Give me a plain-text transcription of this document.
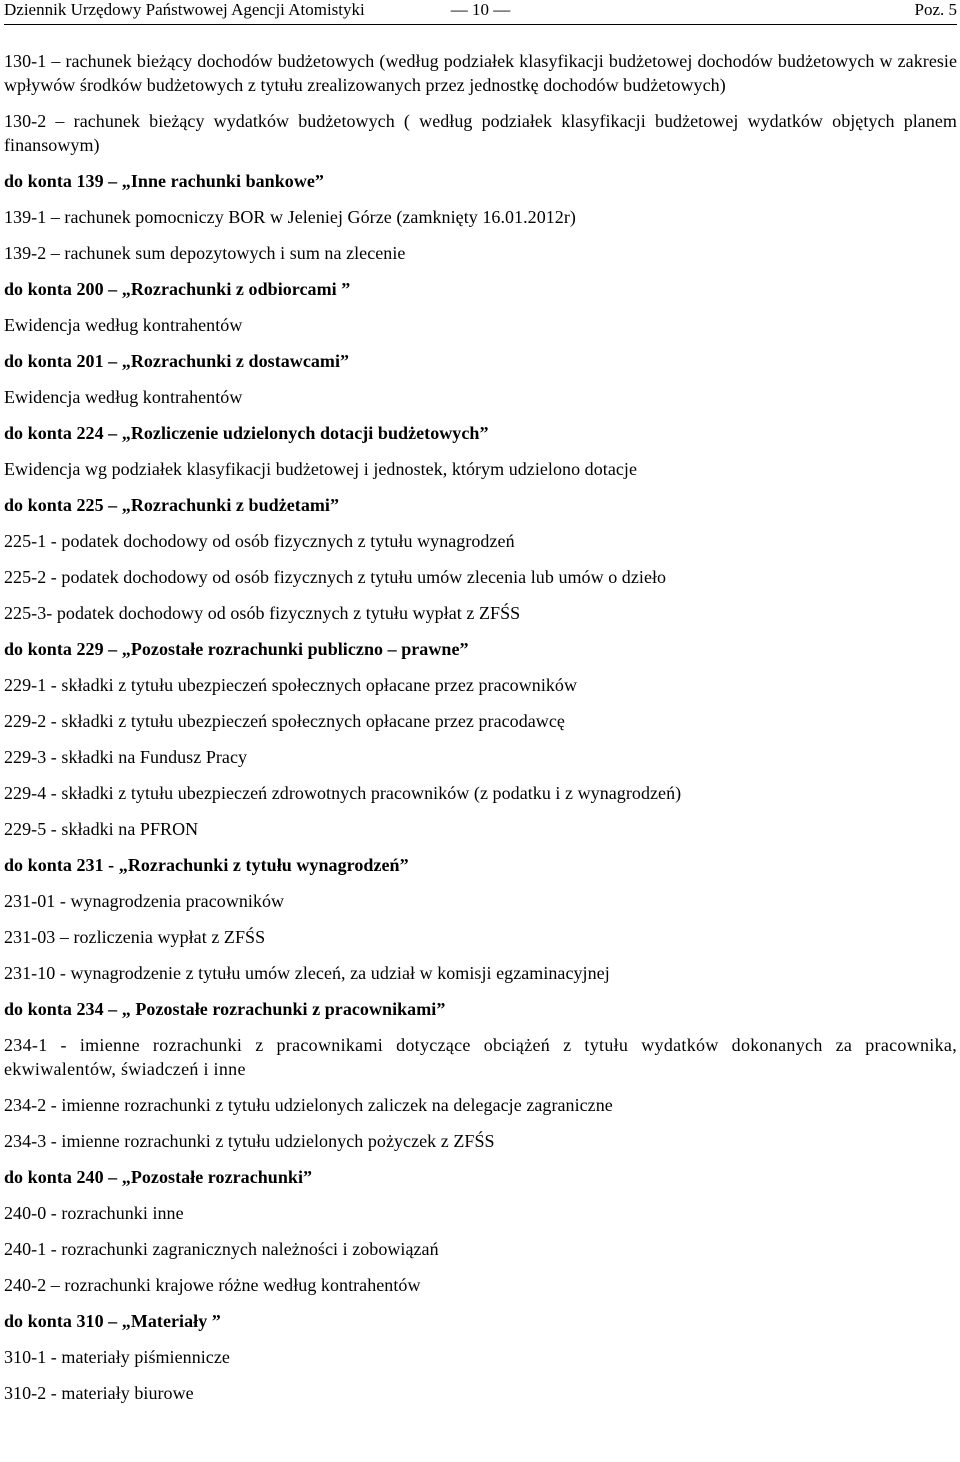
Dziennik Urzędowy Państwowej Agencji Atomistyki	— 10 —	Poz. 5

130-1 – rachunek bieżący dochodów budżetowych (według podziałek klasyfikacji budżetowej dochodów budżetowych w zakresie wpływów środków budżetowych z tytułu zrealizowanych przez jednostkę dochodów budżetowych)

130-2 – rachunek bieżący wydatków budżetowych ( według podziałek klasyfikacji budżetowej wydatków objętych planem finansowym)

do konta 139 – „Inne rachunki bankowe”

139-1 – rachunek pomocniczy BOR w Jeleniej Górze (zamknięty 16.01.2012r)

139-2 – rachunek sum depozytowych i sum na zlecenie

do konta 200 – „Rozrachunki z odbiorcami ”

Ewidencja według kontrahentów

do konta 201 – „Rozrachunki z dostawcami”

Ewidencja według kontrahentów

do konta 224 – „Rozliczenie udzielonych dotacji budżetowych”

Ewidencja wg podziałek klasyfikacji budżetowej i jednostek, którym udzielono dotacje

do konta 225 – „Rozrachunki z budżetami”

225-1 - podatek dochodowy od osób fizycznych z tytułu wynagrodzeń

225-2 - podatek dochodowy od osób fizycznych z tytułu umów zlecenia lub umów o dzieło

225-3- podatek dochodowy od osób fizycznych z tytułu wypłat z ZFŚS

do konta 229 – „Pozostałe rozrachunki publiczno – prawne”

229-1 - składki z tytułu ubezpieczeń społecznych opłacane przez pracowników

229-2 - składki z tytułu ubezpieczeń społecznych opłacane przez pracodawcę

229-3 - składki na Fundusz Pracy

229-4 - składki z tytułu ubezpieczeń zdrowotnych pracowników (z podatku i z wynagrodzeń)

229-5 - składki na PFRON

do konta 231 - „Rozrachunki z tytułu wynagrodzeń”

231-01 - wynagrodzenia pracowników

231-03 – rozliczenia wypłat z ZFŚS

231-10 - wynagrodzenie z tytułu umów zleceń, za udział w komisji egzaminacyjnej

do konta 234 – „ Pozostałe rozrachunki z pracownikami”

234-1 - imienne rozrachunki z pracownikami dotyczące obciążeń z tytułu wydatków dokonanych za pracownika, ekwiwalentów, świadczeń i inne

234-2 - imienne rozrachunki z tytułu udzielonych zaliczek na delegacje zagraniczne

234-3 - imienne rozrachunki z tytułu udzielonych pożyczek z ZFŚS

do konta 240 – „Pozostałe rozrachunki”

240-0 - rozrachunki inne

240-1 - rozrachunki zagranicznych należności i zobowiązań

240-2 – rozrachunki krajowe różne według kontrahentów

do konta 310 – „Materiały ”

310-1 - materiały piśmiennicze

310-2 - materiały biurowe
